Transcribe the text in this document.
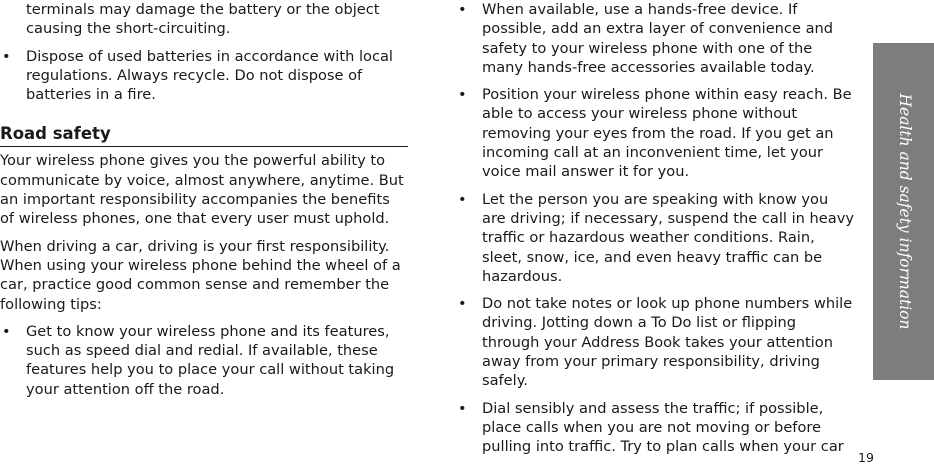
terminals may damage the battery or the object causing the short-circuiting.

• Dispose of used batteries in accordance with local regulations. Always recycle. Do not dispose of batteries in a fire.

Road safety

Your wireless phone gives you the powerful ability to communicate by voice, almost anywhere, anytime. But an important responsibility accompanies the benefits of wireless phones, one that every user must uphold.

When driving a car, driving is your first responsibility. When using your wireless phone behind the wheel of a car, practice good common sense and remember the following tips:

• Get to know your wireless phone and its features, such as speed dial and redial. If available, these features help you to place your call without taking your attention off the road.

• When available, use a hands-free device. If possible, add an extra layer of convenience and safety to your wireless phone with one of the many hands-free accessories available today.

• Position your wireless phone within easy reach. Be able to access your wireless phone without removing your eyes from the road. If you get an incoming call at an inconvenient time, let your voice mail answer it for you.

• Let the person you are speaking with know you are driving; if necessary, suspend the call in heavy traffic or hazardous weather conditions. Rain, sleet, snow, ice, and even heavy traffic can be hazardous.

• Do not take notes or look up phone numbers while driving. Jotting down a To Do list or flipping through your Address Book takes your attention away from your primary responsibility, driving safely.

• Dial sensibly and assess the traffic; if possible, place calls when you are not moving or before pulling into traffic. Try to plan calls when your car

Health and safety information
19
